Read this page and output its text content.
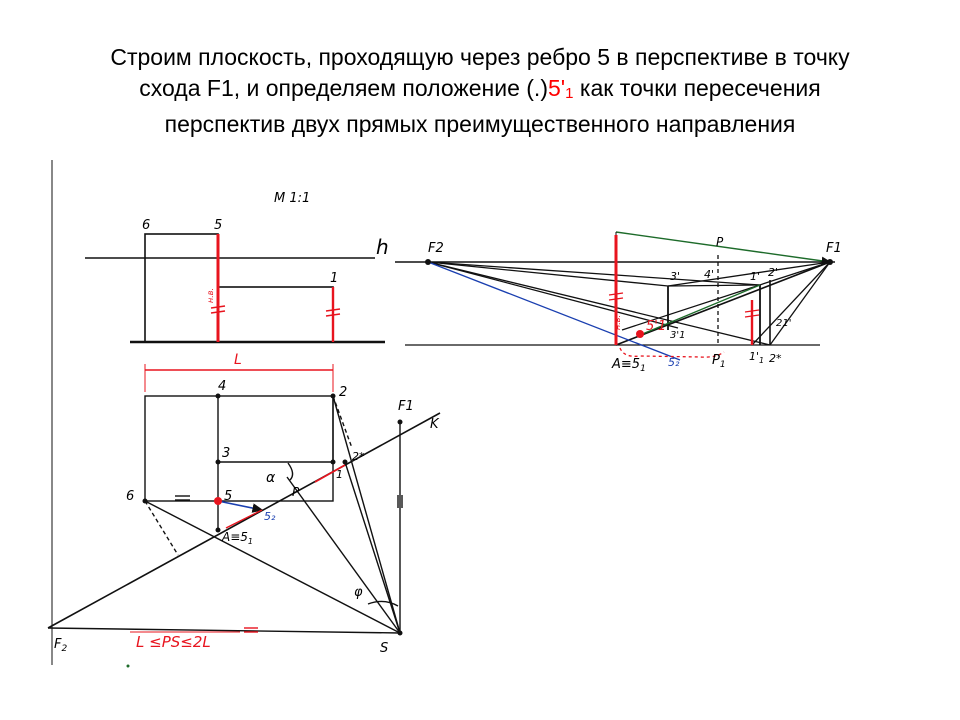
Строим плоскость, проходящую через ребро 5 в перспективе в точку
схода F1, и определяем положение $(.)5'_1$ как точки пересечения
перспектив двух прямых преимущественного направления
М 1:1
6	5
1
н.в.
h	F2	F1
P
3' 4'	1' 2'
21'
5'1
3'1
$A\equiv 5_1$ 5₂	$P_1$
$1'_1$ 2*
н.в.
L
4	2
3	2*
1
6	5
$A\equiv 5_1$
5₂
P
α
F1
K
φ
$F_2$	S
L ≤PS≤2L
